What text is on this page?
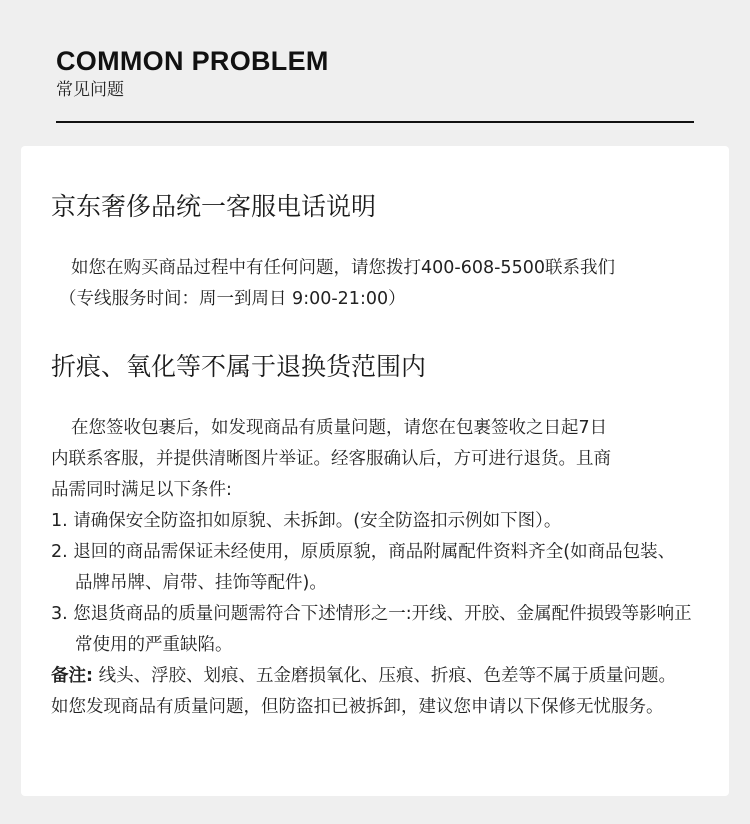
COMMON PROBLEM
常见问题
京东奢侈品统一客服电话说明
如您在购买商品过程中有任何问题，请您拨打400-608-5500联系我们
（专线服务时间：周一到周日 9:00-21:00）
折痕、氧化等不属于退换货范围内
在您签收包裹后，如发现商品有质量问题，请您在包裹签收之日起7日
内联系客服，并提供清晰图片举证。经客服确认后，方可进行退货。且商
品需同时满足以下条件:
1. 请确保安全防盗扣如原貌、未拆卸。(安全防盗扣示例如下图）。
2. 退回的商品需保证未经使用，原质原貌，商品附属配件资料齐全(如商品包装、
品牌吊牌、肩带、挂饰等配件)。
3. 您退货商品的质量问题需符合下述情形之一:开线、开胶、金属配件损毁等影响正
常使用的严重缺陷。
备注: 线头、浮胶、划痕、五金磨损氧化、压痕、折痕、色差等不属于质量问题。
如您发现商品有质量问题，但防盗扣已被拆卸，建议您申请以下保修无忧服务。
